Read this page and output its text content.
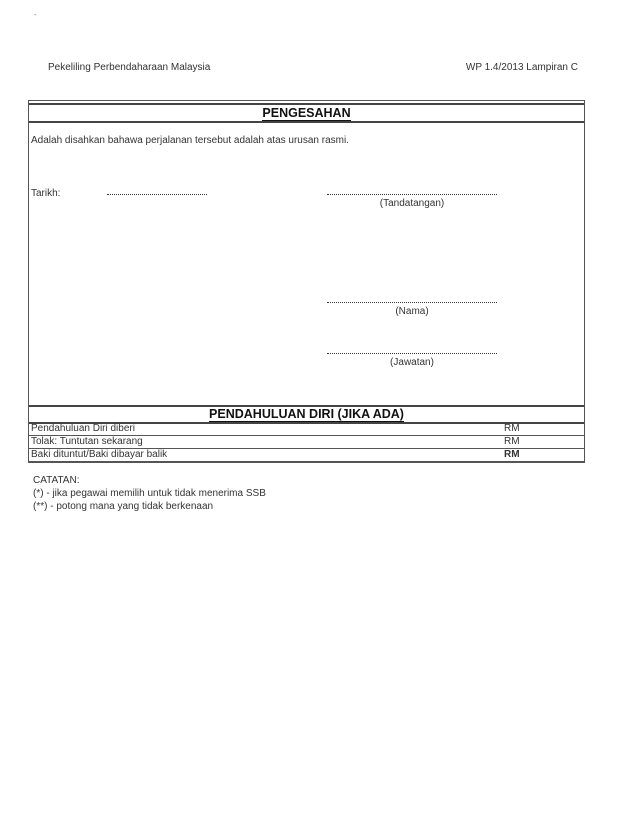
-
Pekeliling Perbendaharaan Malaysia	WP 1.4/2013 Lampiran C
PENGESAHAN
Adalah disahkan bahawa perjalanan tersebut adalah atas urusan rasmi.
Tarikh:
(Tandatangan)
(Nama)
(Jawatan)
PENDAHULUAN DIRI (JIKA ADA)
Pendahuluan Diri diberi	RM
Tolak: Tuntutan sekarang	RM
Baki dituntut/Baki dibayar balik	RM
CATATAN:
(*) - jika pegawai memilih untuk tidak menerima SSB
(**) - potong mana yang tidak berkenaan
